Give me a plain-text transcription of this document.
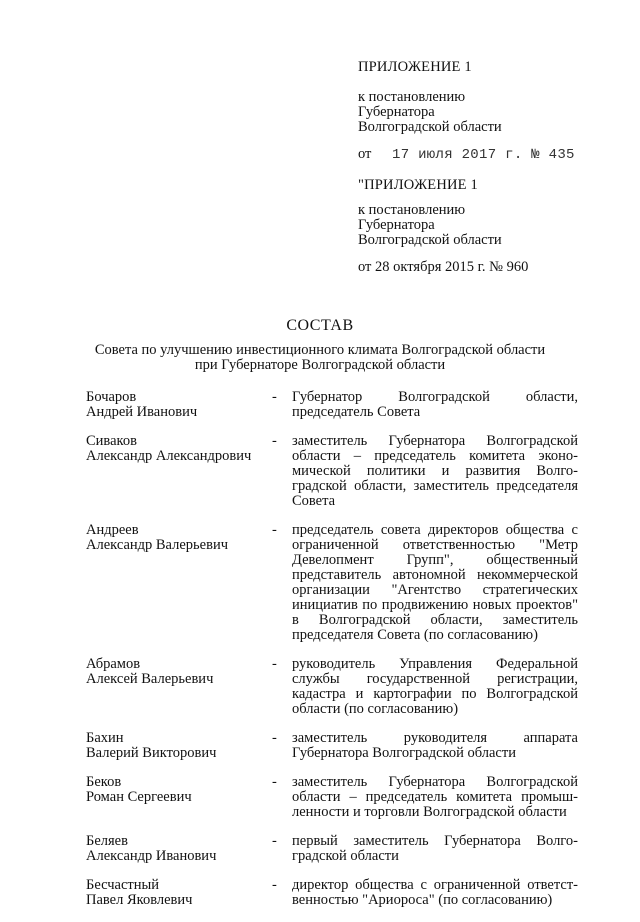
ПРИЛОЖЕНИЕ 1
к постановлению
Губернатора
Волгоградской области
от	17 июля 2017 г. № 435
"ПРИЛОЖЕНИЕ 1
к постановлению
Губернатора
Волгоградской области
от 28 октября 2015 г. № 960
СОСТАВ
Совета по улучшению инвестиционного климата Волгоградской области
при Губернаторе Волгоградской области
Бочаров
Андрей Иванович
-	Губернатор Волгоградской области, председатель Совета
Сиваков
Александр Александрович
-	заместитель Губернатора Волгоградской области – председатель комитета экономической политики и развития Волгоградской области, заместитель председателя Совета
Андреев
Александр Валерьевич
-	председатель совета директоров общества с ограниченной ответственностью "Метр Девелопмент Групп", общественный представитель автономной некоммерческой организации "Агентство стратегических инициатив по продвижению новых проектов" в Волгоградской области, заместитель председателя Совета (по согласованию)
Абрамов
Алексей Валерьевич
-	руководитель Управления Федеральной службы государственной регистрации, кадастра и картографии по Волгоградской области (по согласованию)
Бахин
Валерий Викторович
-	заместитель руководителя аппарата Губернатора Волгоградской области
Беков
Роман Сергеевич
-	заместитель Губернатора Волгоградской области – председатель комитета промышленности и торговли Волгоградской области
Беляев
Александр Иванович
-	первый заместитель Губернатора Волгоградской области
Бесчастный
Павел Яковлевич
-	директор общества с ограниченной ответственностью "Ариороса" (по согласованию)
